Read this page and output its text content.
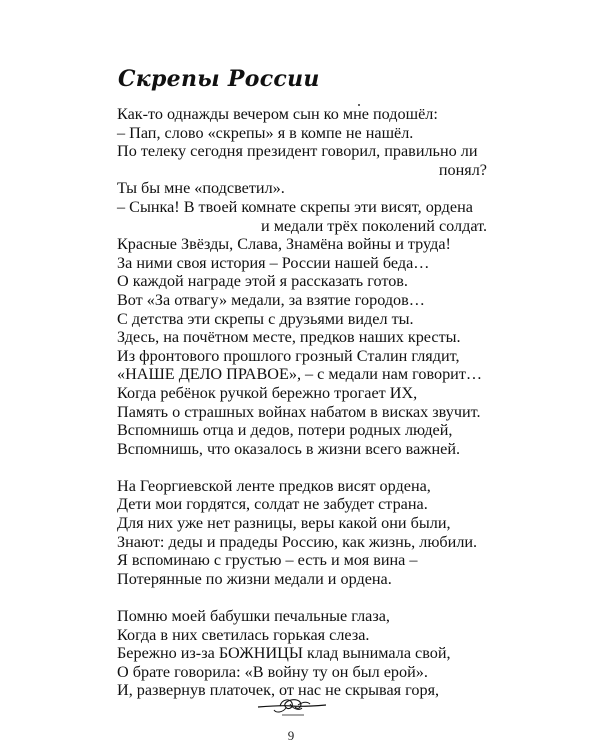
Скрепы России
Как-то однажды вечером сын ко мне подошёл:
– Пап, слово «скрепы» я в компе не нашёл.
По телеку сегодня президент говорил, правильно ли
понял?
Ты бы мне «подсветил».
– Сынка! В твоей комнате скрепы эти висят, ордена
и медали трёх поколений солдат.
Красные Звёзды, Слава, Знамёна войны и труда!
За ними своя история – России нашей беда…
О каждой награде этой я рассказать готов.
Вот «За отвагу» медали, за взятие городов…
С детства эти скрепы с друзьями видел ты.
Здесь, на почётном месте, предков наших кресты.
Из фронтового прошлого грозный Сталин глядит,
«НАШЕ ДЕЛО ПРАВОЕ», – с медали нам говорит…
Когда ребёнок ручкой бережно трогает ИХ,
Память о страшных войнах набатом в висках звучит.
Вспомнишь отца и дедов, потери родных людей,
Вспомнишь, что оказалось в жизни всего важней.
На Георгиевской ленте предков висят ордена,
Дети мои гордятся, солдат не забудет страна.
Для них уже нет разницы, веры какой они были,
Знают: деды и прадеды Россию, как жизнь, любили.
Я вспоминаю с грустью – есть и моя вина –
Потерянные по жизни медали и ордена.
Помню моей бабушки печальные глаза,
Когда в них светилась горькая слеза.
Бережно из-за БОЖНИЦЫ клад вынимала свой,
О брате говорила: «В войну ту он был ерой».
И, развернув платочек, от нас не скрывая горя,
9
